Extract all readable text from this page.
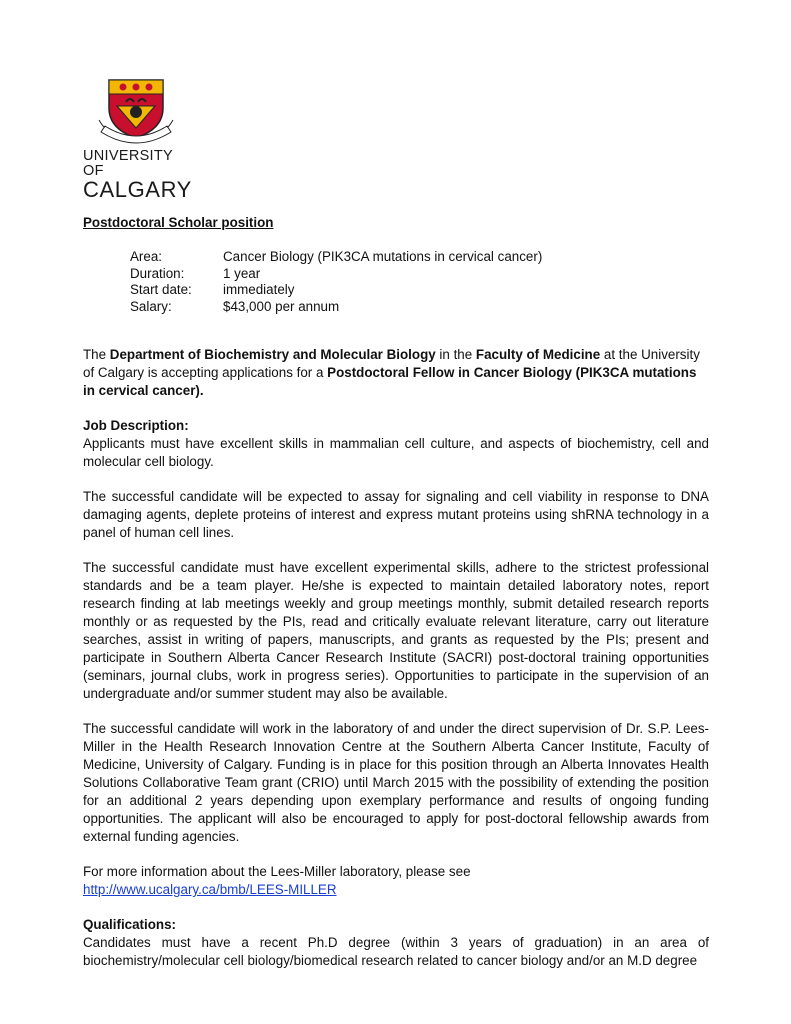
UNIVERSITY OF
CALGARY
Postdoctoral Scholar position
Area:	Cancer Biology (PIK3CA mutations in cervical cancer)
Duration:	1 year
Start date:	immediately
Salary:	$43,000 per annum

The Department of Biochemistry and Molecular Biology in the Faculty of Medicine at the University of Calgary is accepting applications for a Postdoctoral Fellow in Cancer Biology (PIK3CA mutations in cervical cancer).

Job Description:

Applicants must have excellent skills in mammalian cell culture, and aspects of biochemistry, cell and molecular cell biology.

The successful candidate will be expected to assay for signaling and cell viability in response to DNA damaging agents, deplete proteins of interest and express mutant proteins using shRNA technology in a panel of human cell lines.

The successful candidate must have excellent experimental skills, adhere to the strictest professional standards and be a team player. He/she is expected to maintain detailed laboratory notes, report research finding at lab meetings weekly and group meetings monthly, submit detailed research reports monthly or as requested by the PIs, read and critically evaluate relevant literature, carry out literature searches, assist in writing of papers, manuscripts, and grants as requested by the PIs; present and participate in Southern Alberta Cancer Research Institute (SACRI) post-doctoral training opportunities (seminars, journal clubs, work in progress series). Opportunities to participate in the supervision of an undergraduate and/or summer student may also be available.

The successful candidate will work in the laboratory of and under the direct supervision of Dr. S.P. Lees-Miller in the Health Research Innovation Centre at the Southern Alberta Cancer Institute, Faculty of Medicine, University of Calgary. Funding is in place for this position through an Alberta Innovates Health Solutions Collaborative Team grant (CRIO) until March 2015 with the possibility of extending the position for an additional 2 years depending upon exemplary performance and results of ongoing funding opportunities. The applicant will also be encouraged to apply for post-doctoral fellowship awards from external funding agencies.

For more information about the Lees-Miller laboratory, please see
http://www.ucalgary.ca/bmb/LEES-MILLER

Qualifications:

Candidates must have a recent Ph.D degree (within 3 years of graduation) in an area of biochemistry/molecular cell biology/biomedical research related to cancer biology and/or an M.D degree
